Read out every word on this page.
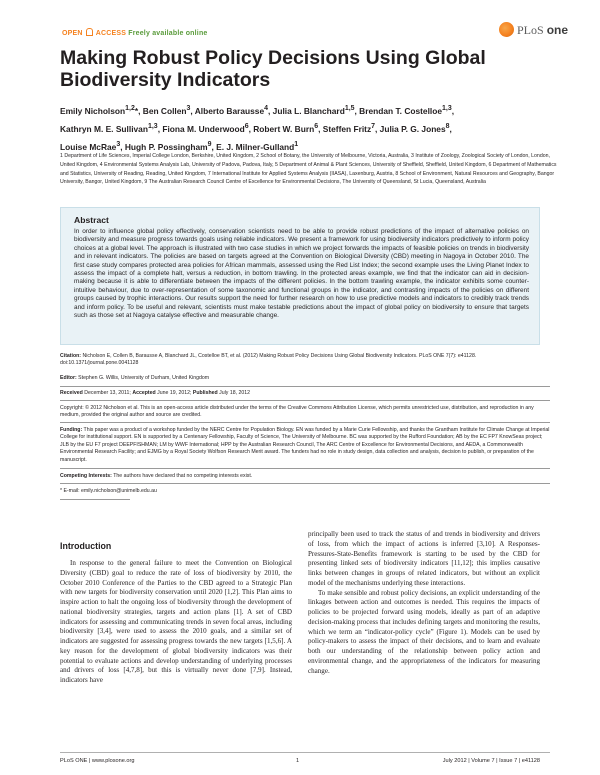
OPEN ACCESS Freely available online	PLoS one
Making Robust Policy Decisions Using Global Biodiversity Indicators
Emily Nicholson$^{1,2}$*, Ben Collen$^3$, Alberto Barausse$^4$, Julia L. Blanchard$^{1,5}$, Brendan T. Costelloe$^{1,3}$,
Kathryn M. E. Sullivan$^{1,3}$, Fiona M. Underwood$^6$, Robert W. Burn$^6$, Steffen Fritz$^7$, Julia P. G. Jones$^8$,
Louise McRae$^3$, Hugh P. Possingham$^9$, E. J. Milner-Gulland$^1$
1 Department of Life Sciences, Imperial College London, Berkshire, United Kingdom, 2 School of Botany, the University of Melbourne, Victoria, Australia, 3 Institute of Zoology, Zoological Society of London, London, United Kingdom, 4 Environmental Systems Analysis Lab, University of Padova, Padova, Italy, 5 Department of Animal & Plant Sciences, University of Sheffield, Sheffield, United Kingdom, 6 Department of Mathematics and Statistics, University of Reading, Reading, United Kingdom, 7 International Institute for Applied Systems Analysis (IIASA), Laxenburg, Austria, 8 School of Environment, Natural Resources and Geography, Bangor University, Bangor, United Kingdom, 9 The Australian Research Council Centre of Excellence for Environmental Decisions, The University of Queensland, St Lucia, Queensland, Australia
Abstract

In order to influence global policy effectively, conservation scientists need to be able to provide robust predictions of the impact of alternative policies on biodiversity and measure progress towards goals using reliable indicators. We present a framework for using biodiversity indicators predictively to inform policy choices at a global level. The approach is illustrated with two case studies in which we project forwards the impacts of feasible policies on trends in biodiversity and in relevant indicators. The policies are based on targets agreed at the Convention on Biological Diversity (CBD) meeting in Nagoya in October 2010. The first case study compares protected area policies for African mammals, assessed using the Red List Index; the second example uses the Living Planet Index to assess the impact of a complete halt, versus a reduction, in bottom trawling. In the protected areas example, we find that the indicator can aid in decision-making because it is able to differentiate between the impacts of the different policies. In the bottom trawling example, the indicator exhibits some counter-intuitive behaviour, due to over-representation of some taxonomic and functional groups in the indicator, and contrasting impacts of the policies on different groups caused by trophic interactions. Our results support the need for further research on how to use predictive models and indicators to credibly track trends and inform policy. To be useful and relevant, scientists must make testable predictions about the impact of global policy on biodiversity to ensure that targets such as those set at Nagoya catalyse effective and measurable change.

Citation: Nicholson E, Collen B, Barausse A, Blanchard JL, Costelloe BT, et al. (2012) Making Robust Policy Decisions Using Global Biodiversity Indicators. PLoS ONE 7(7): e41128. doi:10.1371/journal.pone.0041128

Editor: Stephen G. Willis, University of Durham, United Kingdom

Received December 13, 2011; Accepted June 19, 2012; Published July 18, 2012

Copyright: © 2012 Nicholson et al. This is an open-access article distributed under the terms of the Creative Commons Attribution License, which permits unrestricted use, distribution, and reproduction in any medium, provided the original author and source are credited.

Funding: This paper was a product of a workshop funded by the NERC Centre for Population Biology. EN was funded by a Marie Curie Fellowship, and thanks the Grantham Institute for Climate Change at Imperial College for institutional support. EN is supported by a Centenary Fellowship, Faculty of Science, The University of Melbourne. BC was supported by the Rufford Foundation; AB by the EC FP7 KnowSeas project; JLB by the EU F7 project DEEPFISHMAN; LM by WWF International; HPP by the Australian Research Council, The ARC Centre of Excellence for Environmental Decisions, and AEDA, a Commonwealth Environmental Research Facility; and EJMG by a Royal Society Wolfson Research Merit award. The funders had no role in study design, data collection and analysis, decision to publish, or preparation of the manuscript.

Competing Interests: The authors have declared that no competing interests exist.

* E-mail: emily.nicholson@unimelb.edu.au

Introduction

In response to the general failure to meet the Convention on Biological Diversity (CBD) goal to reduce the rate of loss of biodiversity by 2010, the October 2010 Conference of the Parties to the CBD agreed to a Strategic Plan with new targets for biodiversity conservation until 2020 [1,2]. This Plan aims to inspire action to halt the ongoing loss of biodiversity through the development of national biodiversity strategies, targets and action plans [1]. A set of CBD indicators for assessing and communicating trends in seven focal areas, including biodiversity [3,4], were used to assess the 2010 goals, and a similar set of indicators are suggested for assessing progress towards the new targets [1,5,6]. A key reason for the development of global biodiversity indicators was their potential to evaluate actions and develop understanding of underlying processes and drivers of loss [4,7,8], but this is virtually never done [7,9]. Instead, indicators have

principally been used to track the status of and trends in biodiversity and drivers of loss, from which the impact of actions is inferred [3,10]. A Responses-Pressures-State-Benefits framework is starting to be used by the CBD for presenting linked sets of biodiversity indicators [11,12]; this implies causative links between changes in groups of related indicators, but without an explicit model of the mechanisms underlying these interactions.
To make sensible and robust policy decisions, an explicit understanding of the linkages between action and outcomes is needed. This requires the impacts of policies to be projected forward using models, ideally as part of an adaptive decision-making process that includes defining targets and monitoring the results, which we term an “indicator-policy cycle” (Figure 1). Models can be used by policy-makers to assess the impact of their decisions, and to learn and evaluate both our understanding of the relationship between policy action and environmental change, and the appropriateness of the indicators for measuring change.

PLoS ONE | www.plosone.org	1	July 2012 | Volume 7 | Issue 7 | e41128
